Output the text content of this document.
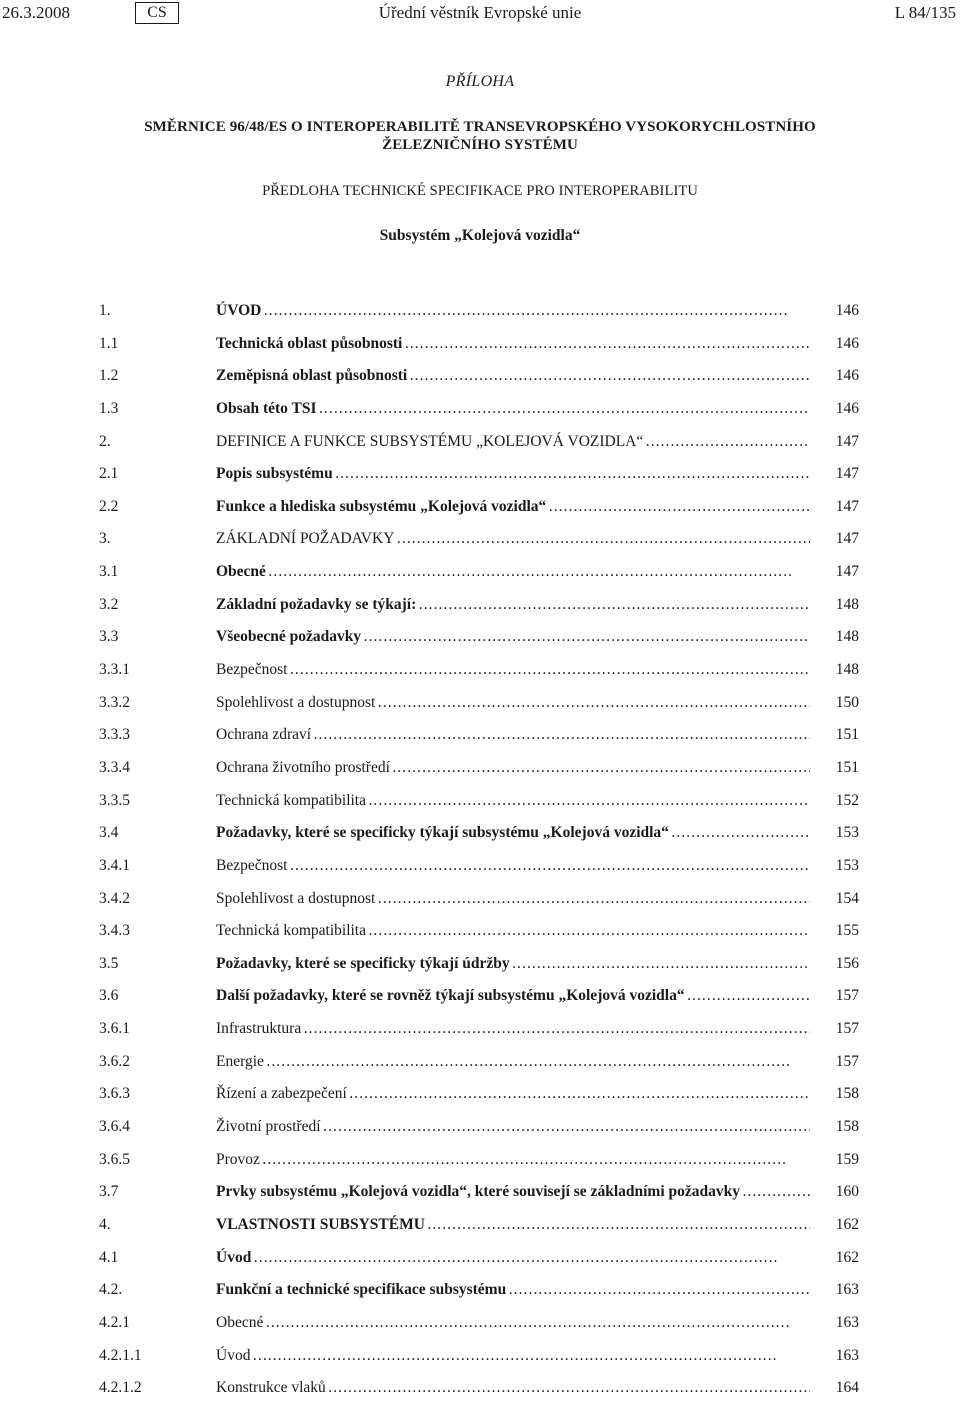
26.3.2008	CS	Úřední věstník Evropské unie	L 84/135

PŘÍLOHA

SMĚRNICE 96/48/ES O INTEROPERABILITĚ TRANSEVROPSKÉHO VYSOKORYCHLOSTNÍHO
ŽELEZNIČNÍHO SYSTÉMU

PŘEDLOHA TECHNICKÉ SPECIFIKACE PRO INTEROPERABILITU

Subsystém „Kolejová vozidla“

1.	ÚVOD . . .	146
1.1	Technická oblast působnosti . . .	146
1.2	Zeměpisná oblast působnosti . . .	146
1.3	Obsah této TSI . . .	146
2.	DEFINICE A FUNKCE SUBSYSTÉMU „KOLEJOVÁ VOZIDLA“ . . .	147
2.1	Popis subsystému . . .	147
2.2	Funkce a hlediska subsystému „Kolejová vozidla“ . . .	147
3.	ZÁKLADNÍ POŽADAVKY . . .	147
3.1	Obecné . . .	147
3.2	Základní požadavky se týkají: . . .	148
3.3	Všeobecné požadavky . . .	148
3.3.1	Bezpečnost . . .	148
3.3.2	Spolehlivost a dostupnost . . .	150
3.3.3	Ochrana zdraví . . .	151
3.3.4	Ochrana životního prostředí . . .	151
3.3.5	Technická kompatibilita . . .	152
3.4	Požadavky, které se specificky týkají subsystému „Kolejová vozidla“ . . .	153
3.4.1	Bezpečnost . . .	153
3.4.2	Spolehlivost a dostupnost . . .	154
3.4.3	Technická kompatibilita . . .	155
3.5	Požadavky, které se specificky týkají údržby . . .	156
3.6	Další požadavky, které se rovněž týkají subsystému „Kolejová vozidla“ . . .	157
3.6.1	Infrastruktura . . .	157
3.6.2	Energie . . .	157
3.6.3	Řízení a zabezpečení . . .	158
3.6.4	Životní prostředí . . .	158
3.6.5	Provoz . . .	159
3.7	Prvky subsystému „Kolejová vozidla“, které souvisejí se základními požadavky . . .	160
4.	VLASTNOSTI SUBSYSTÉMU . . .	162
4.1	Úvod . . .	162
4.2.	Funkční a technické specifikace subsystému . . .	163
4.2.1	Obecné . . .	163
4.2.1.1	Úvod . . .	163
4.2.1.2	Konstrukce vlaků . . .	164
